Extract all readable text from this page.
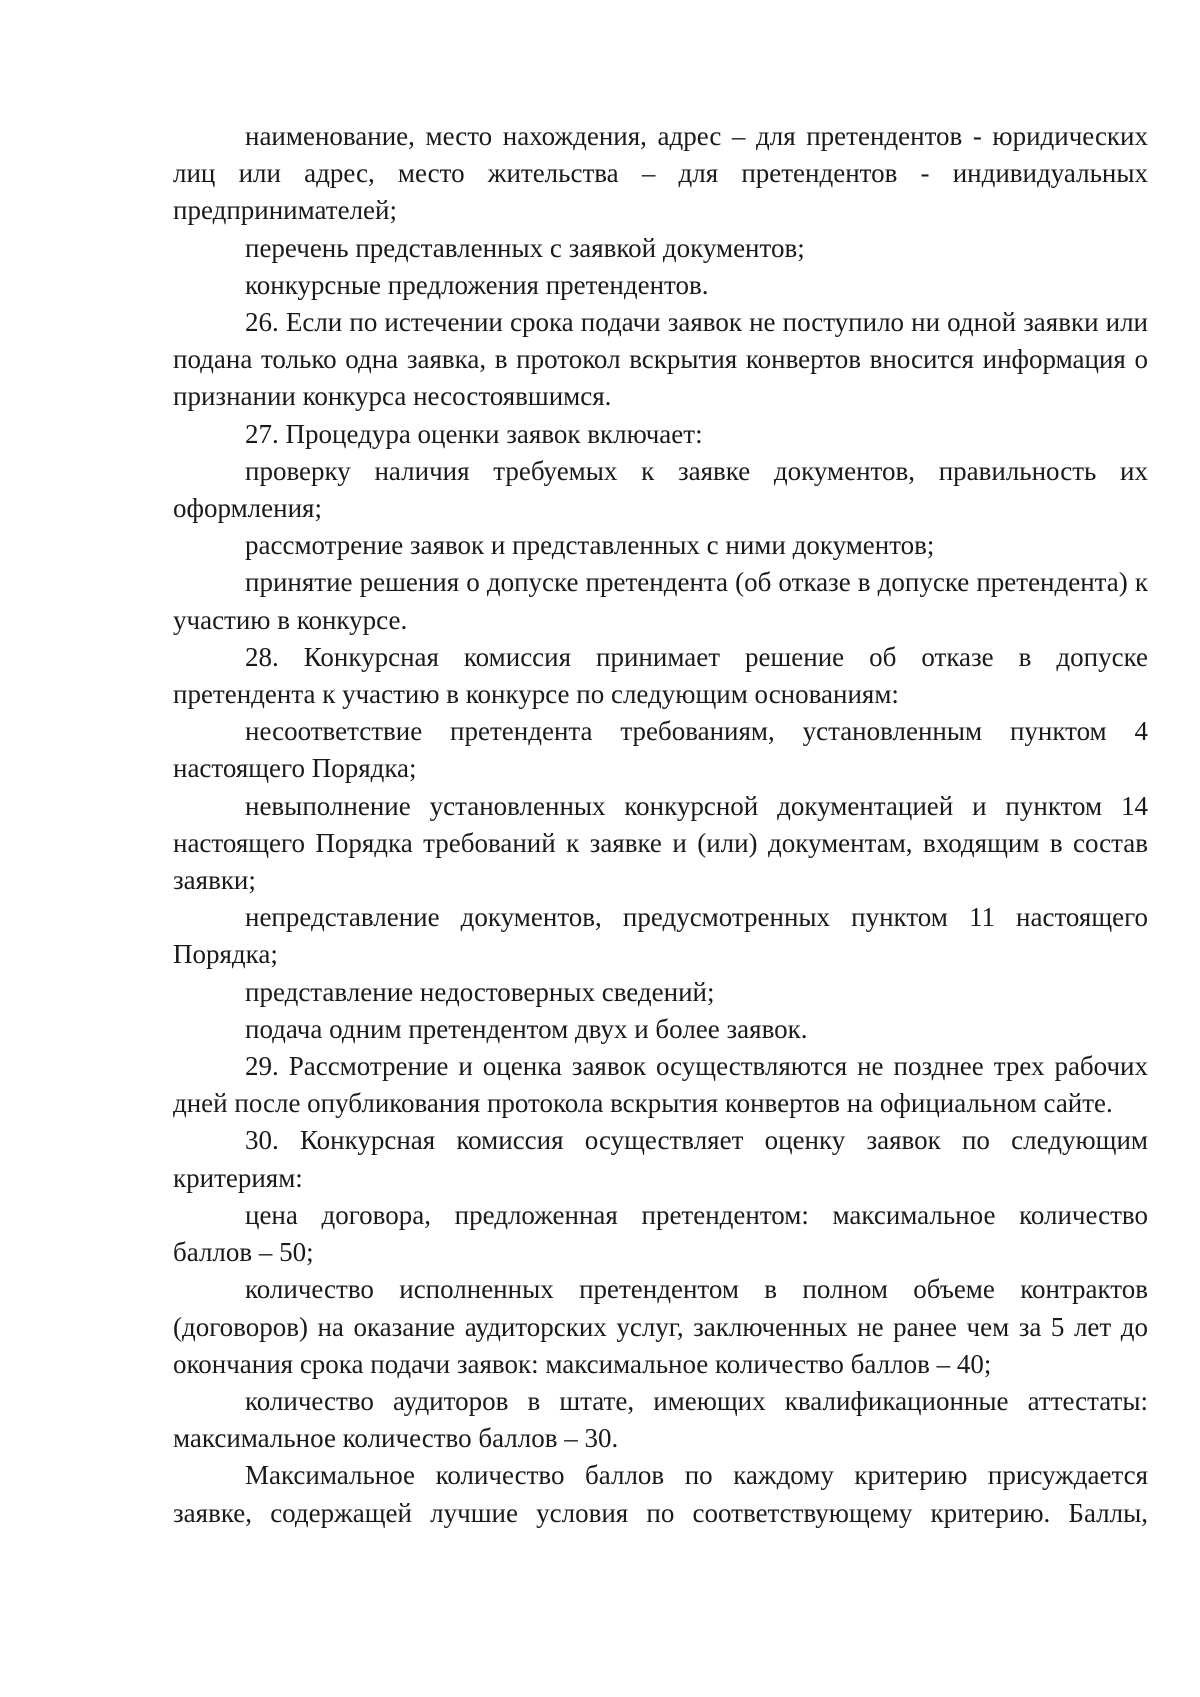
наименование, место нахождения, адрес – для претендентов - юридических лиц или адрес, место жительства – для претендентов - индивидуальных предпринимателей;

перечень представленных с заявкой документов;

конкурсные предложения претендентов.

26. Если по истечении срока подачи заявок не поступило ни одной заявки или подана только одна заявка, в протокол вскрытия конвертов вносится информация о признании конкурса несостоявшимся.

27. Процедура оценки заявок включает:

проверку наличия требуемых к заявке документов, правильность их оформления;

рассмотрение заявок и представленных с ними документов;

принятие решения о допуске претендента (об отказе в допуске претендента) к участию в конкурсе.

28. Конкурсная комиссия принимает решение об отказе в допуске претендента к участию в конкурсе по следующим основаниям:

несоответствие претендента требованиям, установленным пунктом 4 настоящего Порядка;

невыполнение установленных конкурсной документацией и пунктом 14 настоящего Порядка требований к заявке и (или) документам, входящим в состав заявки;

непредставление документов, предусмотренных пунктом 11 настоящего Порядка;

представление недостоверных сведений;

подача одним претендентом двух и более заявок.

29. Рассмотрение и оценка заявок осуществляются не позднее трех рабочих дней после опубликования протокола вскрытия конвертов на официальном сайте.

30. Конкурсная комиссия осуществляет оценку заявок по следующим критериям:

цена договора, предложенная претендентом: максимальное количество баллов – 50;

количество исполненных претендентом в полном объеме контрактов (договоров) на оказание аудиторских услуг, заключенных не ранее чем за 5 лет до окончания срока подачи заявок: максимальное количество баллов – 40;

количество аудиторов в штате, имеющих квалификационные аттестаты: максимальное количество баллов – 30.

Максимальное количество баллов по каждому критерию присуждается заявке, содержащей лучшие условия по соответствующему критерию. Баллы,
